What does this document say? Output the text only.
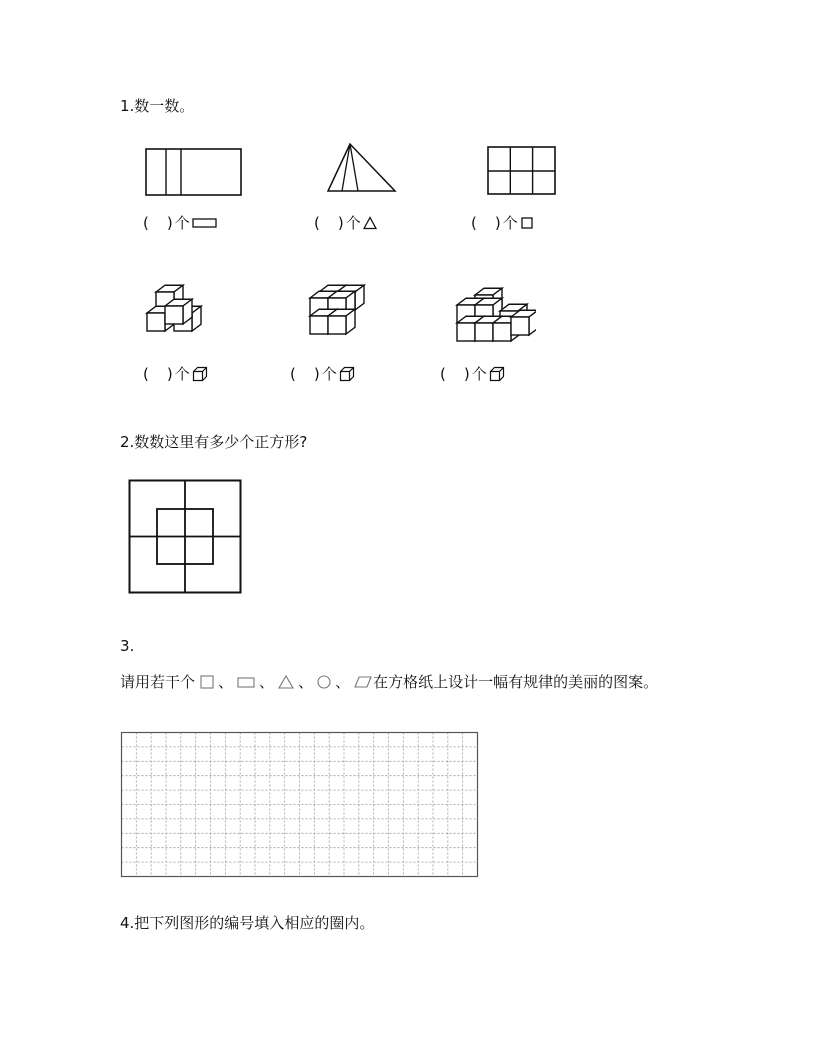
1.数一数。
( ) 个	( ) 个	( ) 个
( ) 个	( ) 个	( ) 个
2.数数这里有多少个正方形?
3.
请用若干个 、 、 、 、 在方格纸上设计一幅有规律的美丽的图案。
4.把下列图形的编号填入相应的圈内。
